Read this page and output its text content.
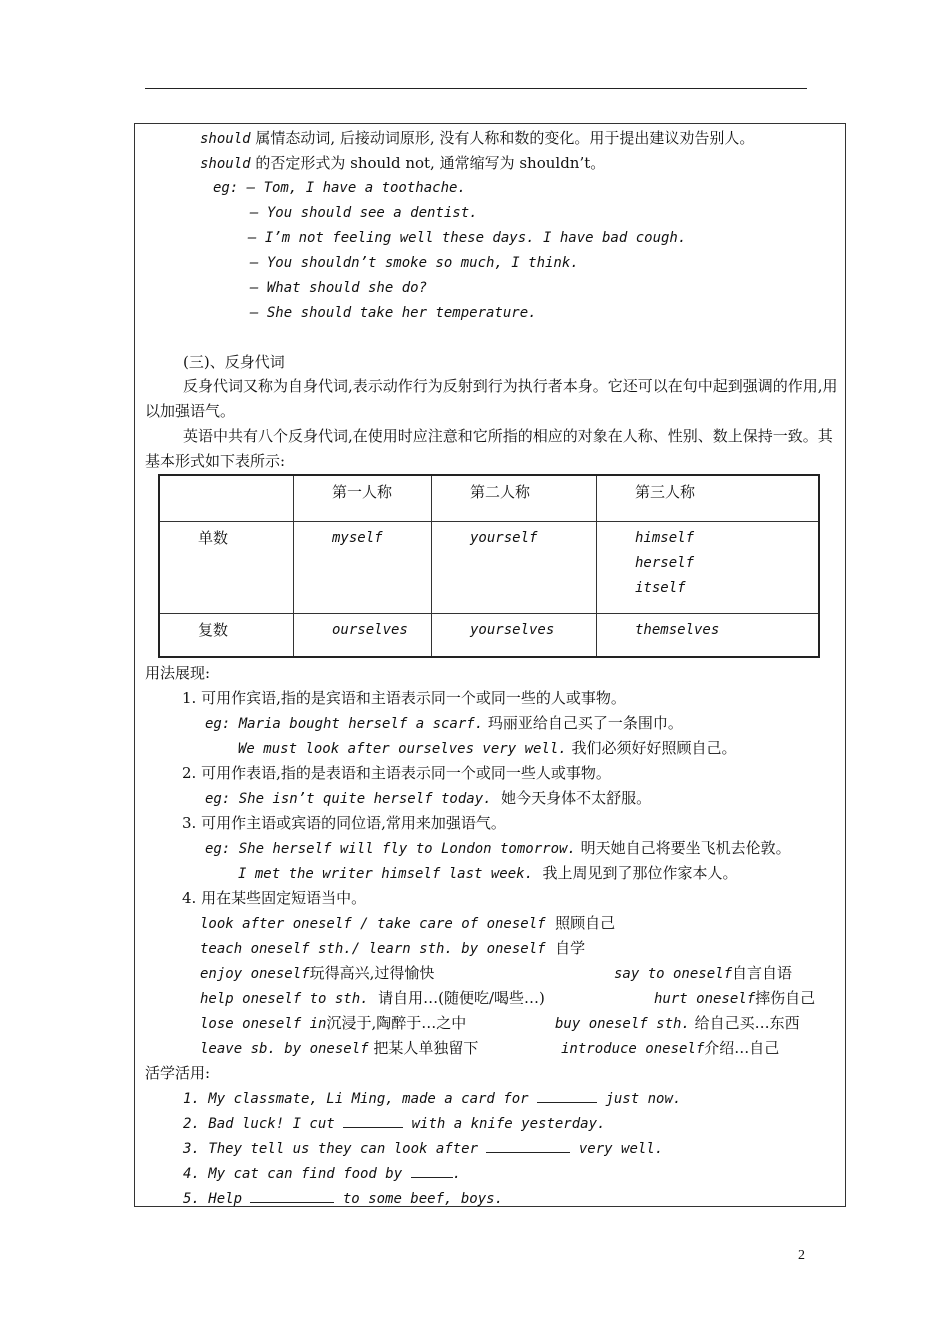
should 属情态动词, 后接动词原形, 没有人称和数的变化。用于提出建议劝告别人。
should 的否定形式为 should not, 通常缩写为 shouldn’t。
eg: — Tom, I have a toothache.
— You should see a dentist.
— I’m not feeling well these days. I have bad cough.
— You shouldn’t smoke so much, I think.
— What should she do?
— She should take her temperature.
(三)、反身代词
反身代词又称为自身代词,表示动作行为反射到行为执行者本身。它还可以在句中起到强调的作用,用以加强语气。
英语中共有八个反身代词,在使用时应注意和它所指的相应的对象在人称、性别、数上保持一致。其基本形式如下表所示:

	第一人称	第二人称	第三人称

单数	myself	yourself	himself
herself
itself

复数	ourselves	yourselves	themselves
用法展现:
1. 可用作宾语,指的是宾语和主语表示同一个或同一些的人或事物。
eg: Maria bought herself a scarf. 玛丽亚给自己买了一条围巾。
We must look after ourselves very well. 我们必须好好照顾自己。
2. 可用作表语,指的是表语和主语表示同一个或同一些人或事物。
eg: She isn’t quite herself today.  她今天身体不太舒服。
3. 可用作主语或宾语的同位语,常用来加强语气。
eg: She herself will fly to London tomorrow. 明天她自己将要坐飞机去伦敦。
I met the writer himself last week.  我上周见到了那位作家本人。
4. 用在某些固定短语当中。
look after oneself / take care of oneself  照顾自己
teach oneself sth./ learn sth. by oneself  自学
enjoy oneself玩得高兴,过得愉快	say to oneself自言自语
help oneself to sth.  请自用…(随便吃/喝些…)	hurt oneself摔伤自己
lose oneself in沉浸于,陶醉于…之中	buy oneself sth. 给自己买…东西
leave sb. by oneself 把某人单独留下	introduce oneself介绍…自己
活学活用:
1. My classmate, Li Ming, made a card for	just now.
2. Bad luck! I cut	with a knife yesterday.
3. They tell us they can look after	very well.
4. My cat can find food by	.
5. Help	to some beef, boys.
2
